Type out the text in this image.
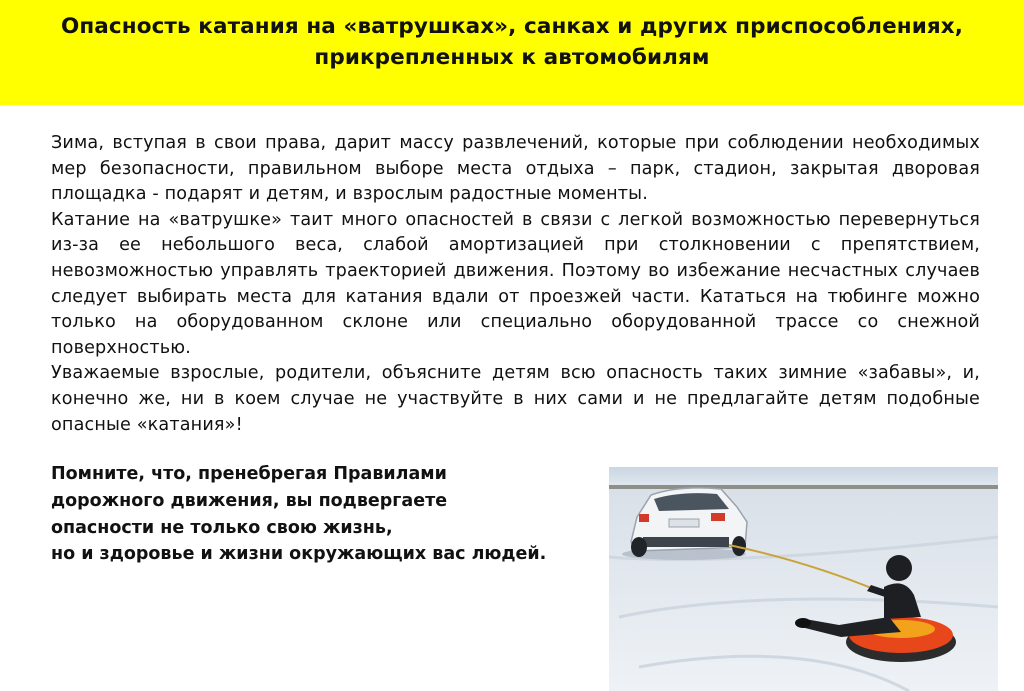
Опасность катания на «ватрушках», санках и других приспособлениях,
прикрепленных к автомобилям

Зима, вступая в свои права, дарит массу развлечений, которые при соблюдении необходимых мер безопасности, правильном выборе места отдыха – парк, стадион, закрытая дворовая площадка - подарят и детям, и взрослым радостные моменты.

Катание на «ватрушке» таит много опасностей в связи с легкой возможностью перевернуться из-за ее небольшого веса, слабой амортизацией при столкновении с препятствием, невозможностью управлять траекторией движения. Поэтому во избежание несчастных случаев следует выбирать места для катания вдали от проезжей части. Кататься на тюбинге можно только на оборудованном склоне или специально оборудованной трассе со снежной поверхностью.

Уважаемые взрослые, родители, объясните детям всю опасность таких зимние «забавы», и, конечно же, ни в коем случае не участвуйте в них сами и не предлагайте детям подобные опасные «катания»!

Помните, что, пренебрегая Правилами
дорожного движения, вы подвергаете
опасности не только свою жизнь,
но и здоровье и жизни окружающих вас людей.
